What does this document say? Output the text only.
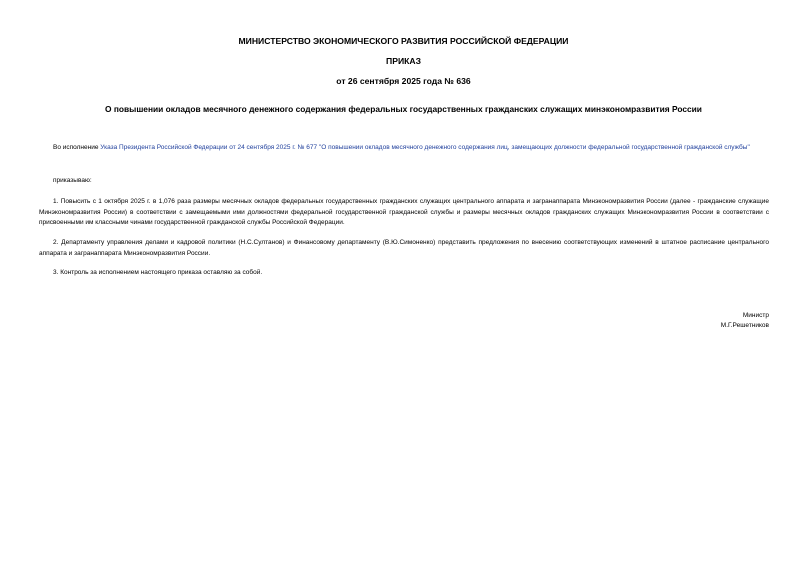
МИНИСТЕРСТВО ЭКОНОМИЧЕСКОГО РАЗВИТИЯ РОССИЙСКОЙ ФЕДЕРАЦИИ
ПРИКАЗ
от 26 сентября 2025 года № 636
О повышении окладов месячного денежного содержания федеральных государственных гражданских служащих минэкономразвития России
Во исполнение Указа Президента Российской Федерации от 24 сентября 2025 г. № 677 "О повышении окладов месячного денежного содержания лиц, замещающих должности федеральной государственной гражданской службы"
приказываю:
1. Повысить с 1 октября 2025 г. в 1,076 раза размеры месячных окладов федеральных государственных гражданских служащих центрального аппарата и загранаппарата Минэкономразвития России (далее - гражданские служащие Минэкономразвития России) в соответствии с замещаемыми ими должностями федеральной государственной гражданской службы и размеры месячных окладов гражданских служащих Минэкономразвития России в соответствии с присвоенными им классными чинами государственной гражданской службы Российской Федерации.
2. Департаменту управления делами и кадровой политики (Н.С.Султанов) и Финансовому департаменту (В.Ю.Симоненко) представить предложения по внесению соответствующих изменений в штатное расписание центрального аппарата и загранаппарата Минэкономразвития России.
3. Контроль за исполнением настоящего приказа оставляю за собой.
Министр
М.Г.Решетников
